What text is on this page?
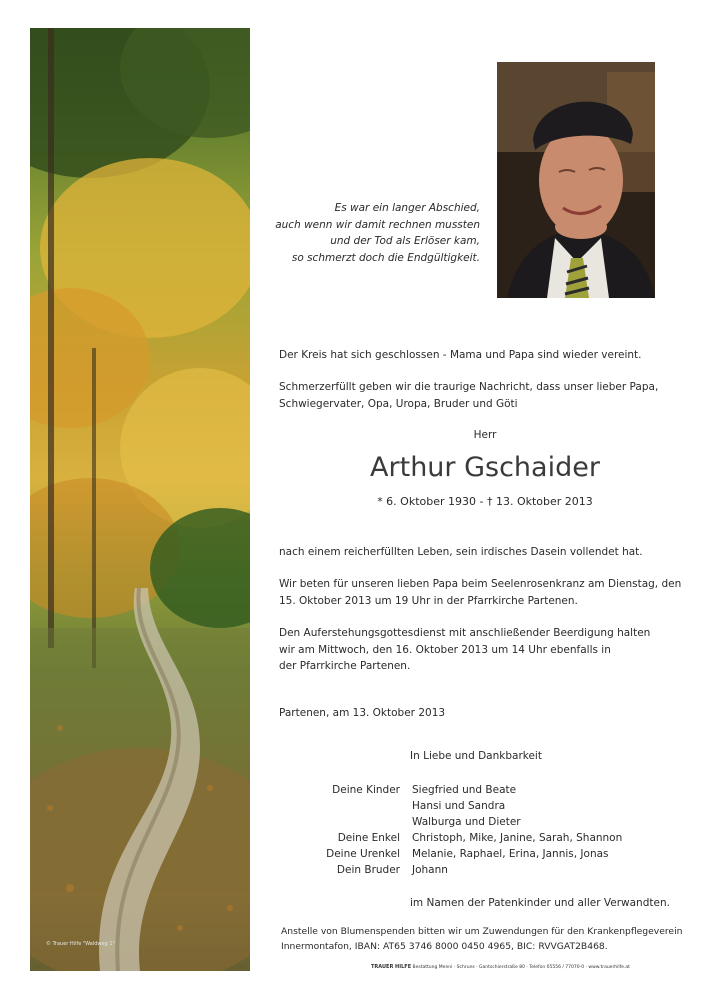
© Trauer Hilfe "Waldweg 1"
Es war ein langer Abschied,
auch wenn wir damit rechnen mussten
und der Tod als Erlöser kam,
so schmerzt doch die Endgültigkeit.
Der Kreis hat sich geschlossen - Mama und Papa sind wieder vereint.
Schmerzerfüllt geben wir die traurige Nachricht, dass unser lieber Papa,
Schwiegervater, Opa, Uropa, Bruder und Göti
Herr
Arthur Gschaider
* 6. Oktober 1930 - † 13. Oktober 2013
nach einem reicherfüllten Leben, sein irdisches Dasein vollendet hat.
Wir beten für unseren lieben Papa beim Seelenrosenkranz am Dienstag, den
15. Oktober 2013 um 19 Uhr in der Pfarrkirche Partenen.
Den Auferstehungsgottesdienst mit anschließender Beerdigung halten
wir am Mittwoch, den 16. Oktober 2013 um 14 Uhr ebenfalls in
der Pfarrkirche Partenen.
Partenen, am 13. Oktober 2013
In Liebe und Dankbarkeit
Deine Kinder	Siegfried und Beate
Hansi und Sandra
Walburga und Dieter
Deine Enkel	Christoph, Mike, Janine, Sarah, Shannon
Deine Urenkel	Melanie, Raphael, Erina, Jannis, Jonas
Dein Bruder	Johann
im Namen der Patenkinder und aller Verwandten.
Anstelle von Blumenspenden bitten wir um Zuwendungen für den Krankenpflegeverein
Innermontafon, IBAN: AT65 3746 8000 0450 4965, BIC: RVVGAT2B468.
TRAUER HILFE Bestattung Menni · Schruns · Gantschierstraße 80 · Telefon 05556 / 77070-0 · www.trauerhilfe.at
